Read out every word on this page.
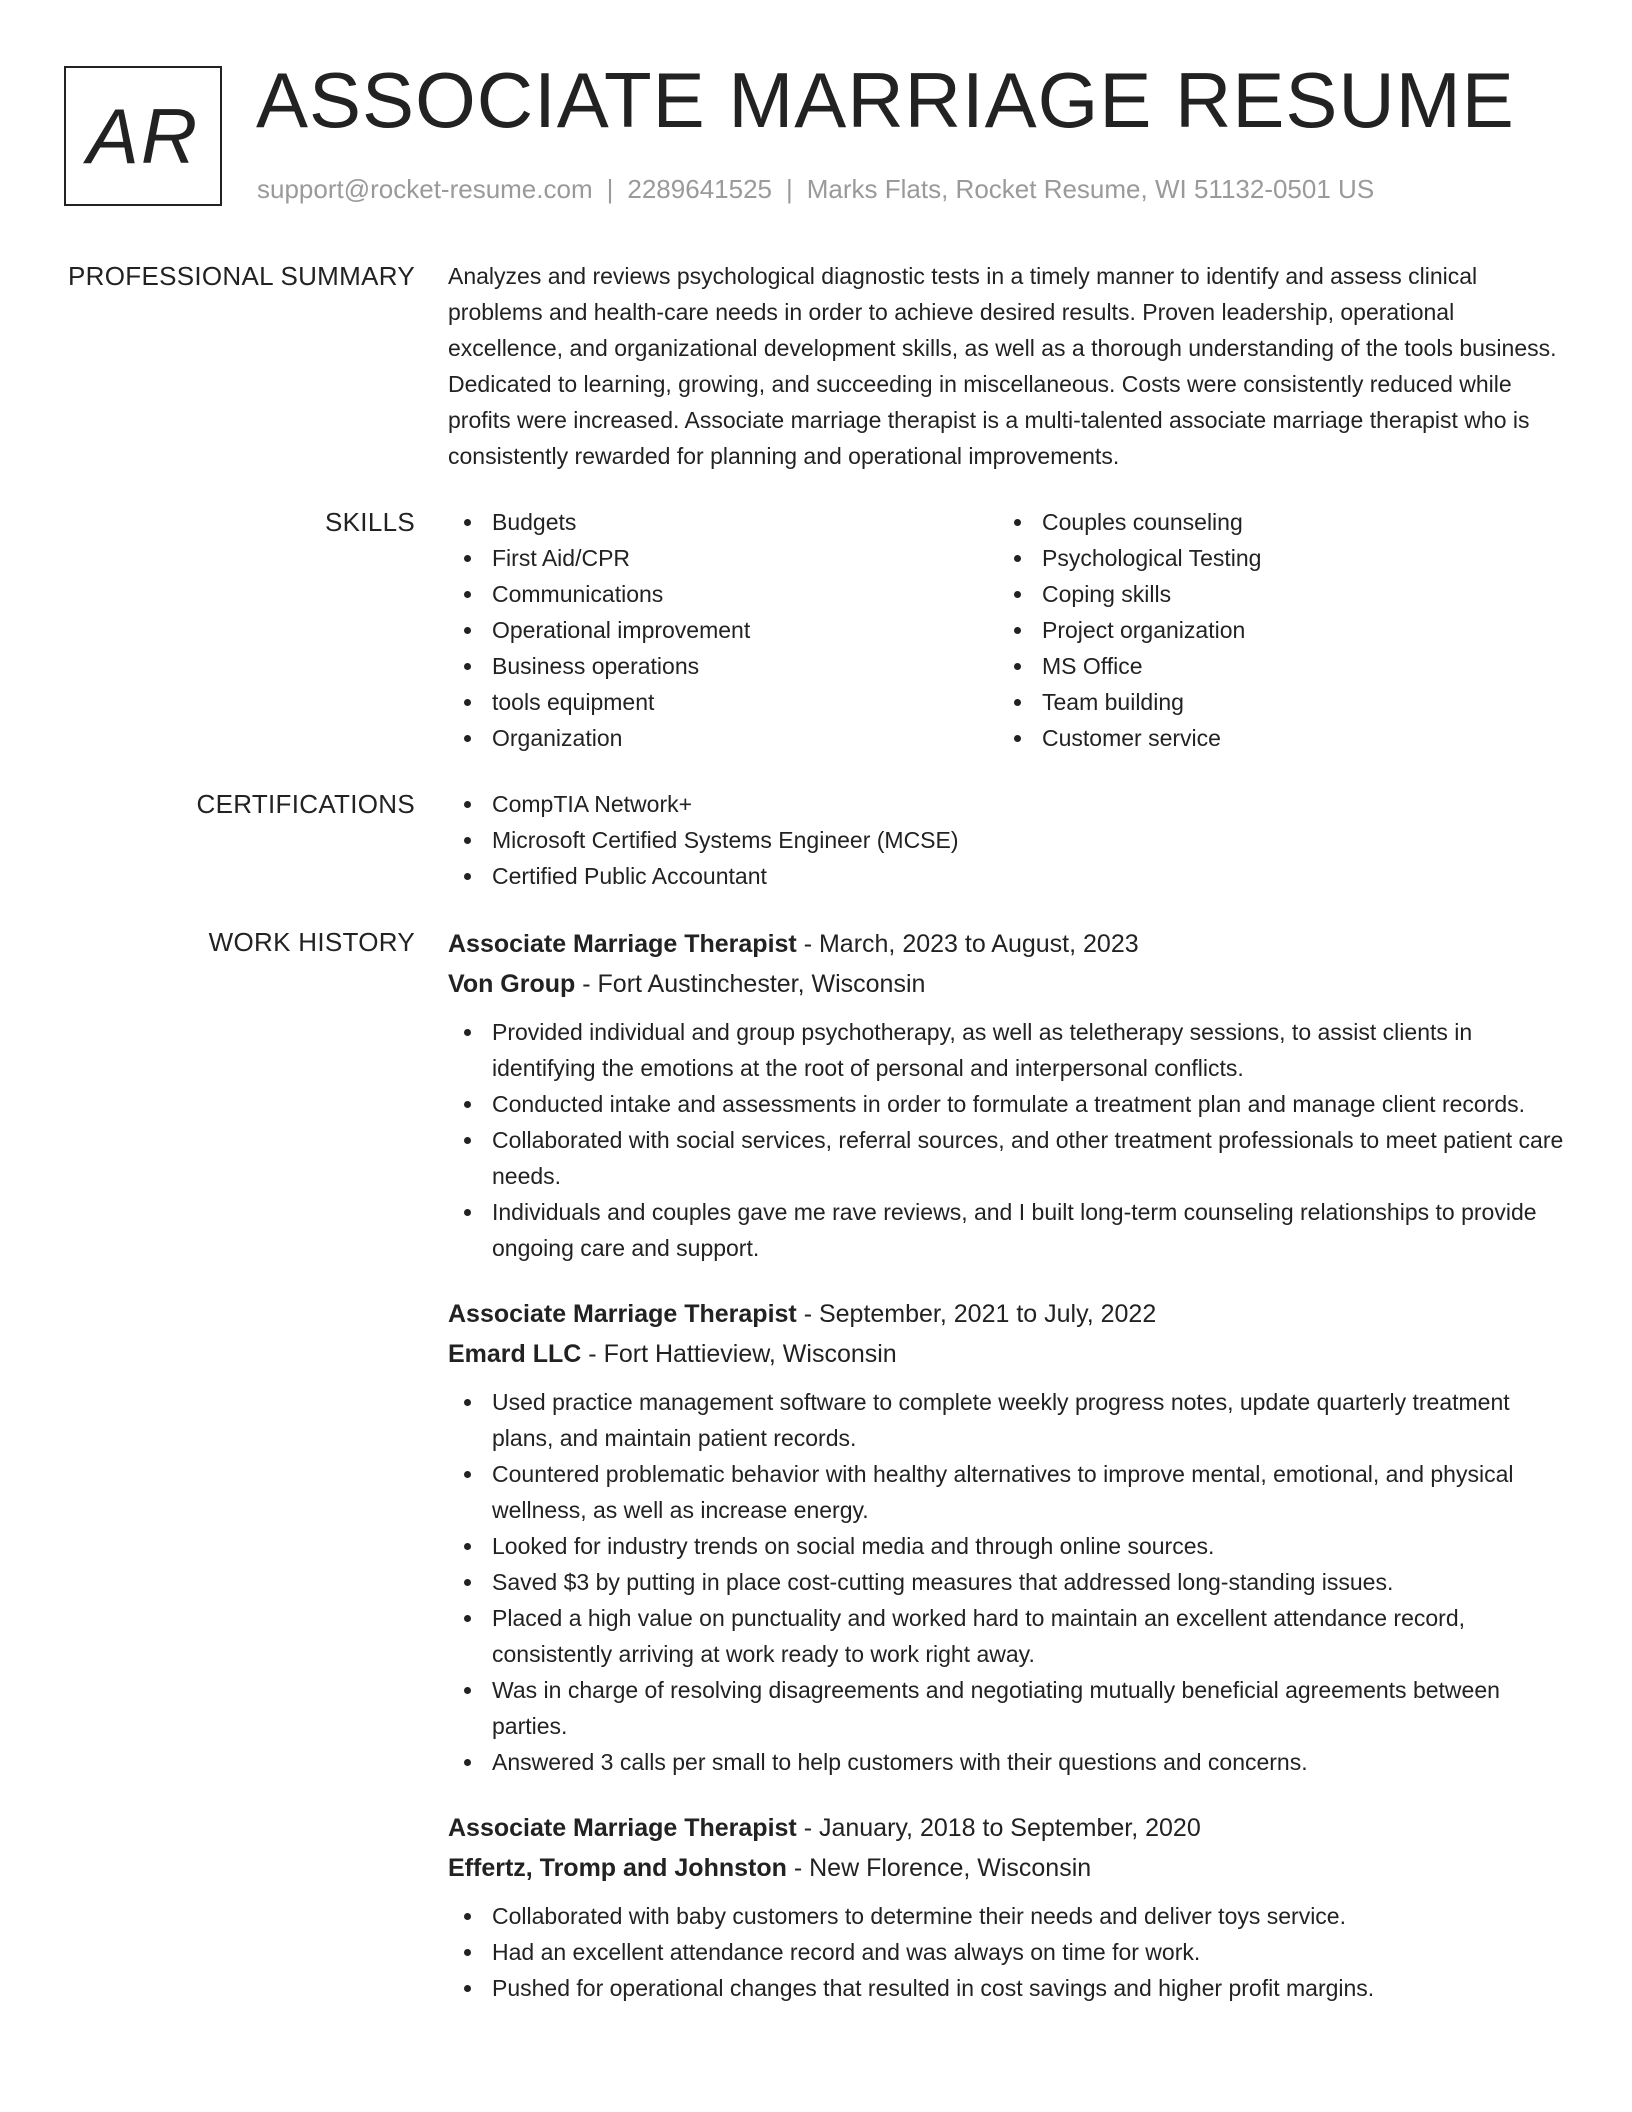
AR ASSOCIATE MARRIAGE RESUME
support@rocket-resume.com | 2289641525 | Marks Flats, Rocket Resume, WI 51132-0501 US
PROFESSIONAL SUMMARY Analyzes and reviews psychological diagnostic tests in a timely manner to identify and assess clinical problems and health-care needs in order to achieve desired results. Proven leadership, operational excellence, and organizational development skills, as well as a thorough understanding of the tools business. Dedicated to learning, growing, and succeeding in miscellaneous. Costs were consistently reduced while profits were increased. Associate marriage therapist is a multi-talented associate marriage therapist who is consistently rewarded for planning and operational improvements.

SKILLS	Budgets
First Aid/CPR
Communications
Operational improvement
Business operations
tools equipment
Organization
Couples counseling
Psychological Testing
Coping skills
Project organization
MS Office
Team building
Customer service
CERTIFICATIONS	CompTIA Network+
Microsoft Certified Systems Engineer (MCSE)
Certified Public Accountant
WORK HISTORY Associate Marriage Therapist - March, 2023 to August, 2023
Von Group - Fort Austinchester, Wisconsin
Provided individual and group psychotherapy, as well as teletherapy sessions, to assist clients in identifying the emotions at the root of personal and interpersonal conflicts.
Conducted intake and assessments in order to formulate a treatment plan and manage client records.
Collaborated with social services, referral sources, and other treatment professionals to meet patient care needs.
Individuals and couples gave me rave reviews, and I built long-term counseling relationships to provide ongoing care and support.
Associate Marriage Therapist - September, 2021 to July, 2022
Emard LLC - Fort Hattieview, Wisconsin
Used practice management software to complete weekly progress notes, update quarterly treatment plans, and maintain patient records.
Countered problematic behavior with healthy alternatives to improve mental, emotional, and physical wellness, as well as increase energy.
Looked for industry trends on social media and through online sources.
Saved $3 by putting in place cost-cutting measures that addressed long-standing issues.
Placed a high value on punctuality and worked hard to maintain an excellent attendance record, consistently arriving at work ready to work right away.
Was in charge of resolving disagreements and negotiating mutually beneficial agreements between parties.
Answered 3 calls per small to help customers with their questions and concerns.
Associate Marriage Therapist - January, 2018 to September, 2020
Effertz, Tromp and Johnston - New Florence, Wisconsin
Collaborated with baby customers to determine their needs and deliver toys service.
Had an excellent attendance record and was always on time for work.
Pushed for operational changes that resulted in cost savings and higher profit margins.
